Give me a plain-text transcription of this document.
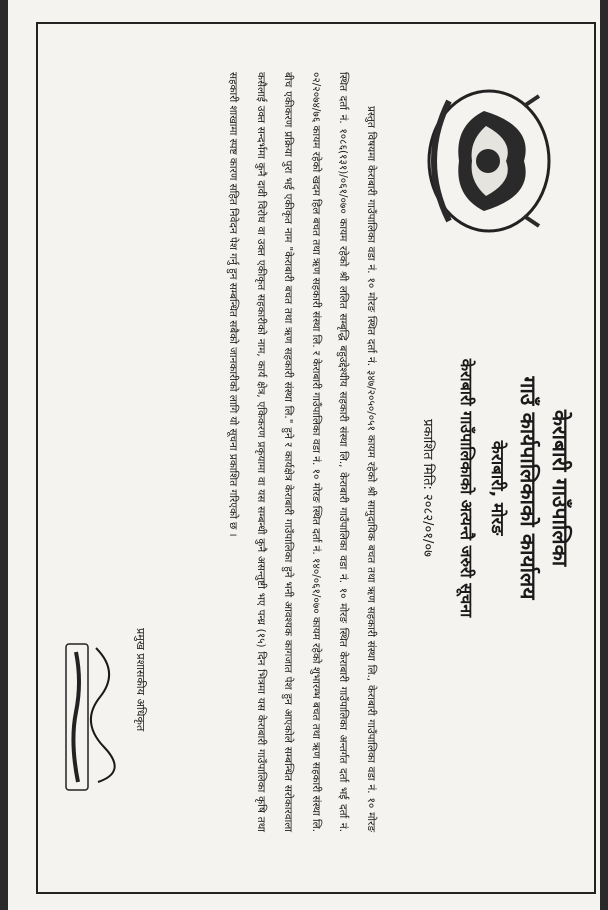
केराबारी गाउँपालिका
गाउँ कार्यपालिकाको कार्यालय
केराबारी, मोरङ
केराबारी गाउँपालिकाको अत्यन्तै जरुरी सूचना
प्रकाशित मिति: २०८२/०१/०७

प्रस्तुत विषयमा केराबारी गाउँपालिका वडा नं. १० मोरङ स्थित दर्ता नं. ३४७/२०५०/०५१ कायम रहेको श्री सामुदायिक बचत तथा ऋण सहकारी संस्था लि., केराबारी गाउँपालिका वडा नं. १० मोरङ स्थित दर्ता नं. १०८६(१३१)/०६१/०७० कायम रहेको श्री ललित सम्बृद्धि बहुउद्देश्यीय सहकारी संस्था लि., केराबारी गाउँपालिका वडा नं. १० मोरङ स्थित केराबारी गाउँपालिका अन्तर्गत दर्ता भई दर्ता नं. ०२/२०७४/७६ कायम रहेको खदम हिल बचत तथा ऋण सहकारी संस्था लि. र केराबारी गाउँपालिका वडा नं. १० मोरङ स्थित दर्ता नं. १४०/०६१/०७० कायम रहेको शुभारम्भ बचत तथा ऋण सहकारी संस्था लि. बीच एकीकरण प्रक्रिया पुरा भई एकीकृत नाम "केराबारी बचत तथा ऋण सहकारी संस्था लि." हुने र कार्यक्षेत्र केराबारी गाउँपालिका हुने भनी आवश्यक कागजात पेश हुन आएकोले सम्बन्धित सरोकारवाला कसैलाई उक्त सन्दर्भमा कुनै दावी विरोध वा उक्त एकीकृत सहकारीको नाम, कार्य क्षेत्र, एकिकरण प्रकृयामा वा यस सम्बन्धी कुनै असन्तुष्टी भए पन्ध्र (१५) दिन भित्रमा यस केराबारी गाउँपालिका कृषि तथा सहकारी शाखामा स्पष्ट कारण सहित निवेदन पेश गर्नु हुन सम्बन्धित सबैको जानकारीको लागि यो सूचना प्रकाशित गरिएको छ ।

प्रमुख प्रशासकीय अधिकृत
